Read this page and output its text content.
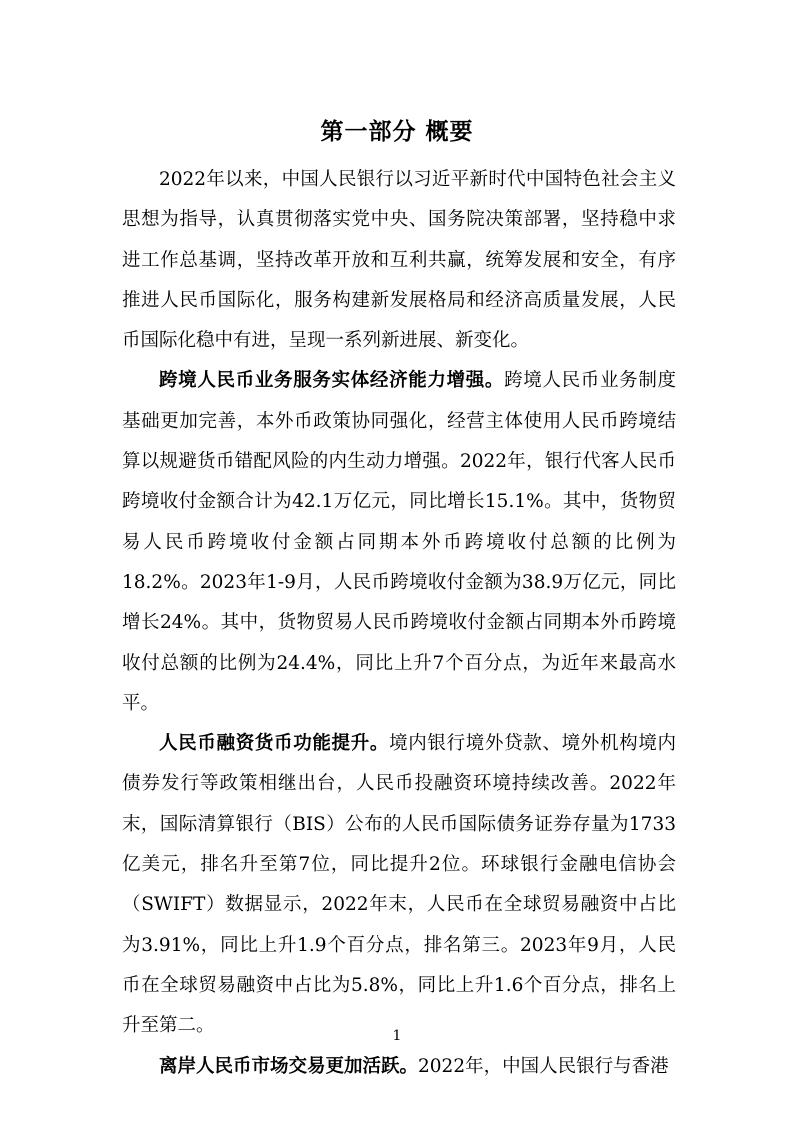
第一部分 概要

2022年以来，中国人民银行以习近平新时代中国特色社会主义思想为指导，认真贯彻落实党中央、国务院决策部署，坚持稳中求进工作总基调，坚持改革开放和互利共赢，统筹发展和安全，有序推进人民币国际化，服务构建新发展格局和经济高质量发展，人民币国际化稳中有进，呈现一系列新进展、新变化。

跨境人民币业务服务实体经济能力增强。跨境人民币业务制度基础更加完善，本外币政策协同强化，经营主体使用人民币跨境结算以规避货币错配风险的内生动力增强。2022年，银行代客人民币跨境收付金额合计为42.1万亿元，同比增长15.1%。其中，货物贸易人民币跨境收付金额占同期本外币跨境收付总额的比例为18.2%。2023年1-9月，人民币跨境收付金额为38.9万亿元，同比增长24%。其中，货物贸易人民币跨境收付金额占同期本外币跨境收付总额的比例为24.4%，同比上升7个百分点，为近年来最高水平。

人民币融资货币功能提升。境内银行境外贷款、境外机构境内债券发行等政策相继出台，人民币投融资环境持续改善。2022年末，国际清算银行（BIS）公布的人民币国际债务证券存量为1733亿美元，排名升至第7位，同比提升2位。环球银行金融电信协会（SWIFT）数据显示，2022年末，人民币在全球贸易融资中占比为3.91%，同比上升1.9个百分点，排名第三。2023年9月，人民币在全球贸易融资中占比为5.8%，同比上升1.6个百分点，排名上升至第二。

离岸人民币市场交易更加活跃。2022年，中国人民银行与香港

1
